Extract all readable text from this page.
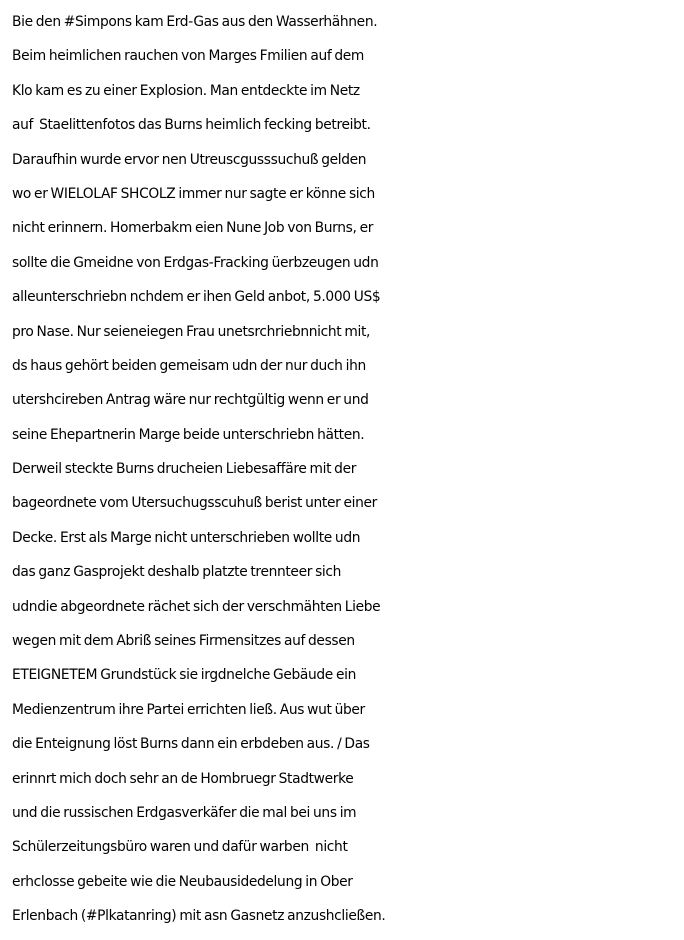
Bie den #Simpons kam Erd-Gas aus den Wasserhähnen.
Beim heimlichen rauchen von Marges Fmilien auf dem
Klo kam es zu einer Explosion. Man entdeckte im Netz
auf  Staelittenfotos das Burns heimlich fecking betreibt.
Daraufhin wurde ervor nen Utreuscgusssuchuß gelden
wo er WIELOLAF SHCOLZ immer nur sagte er könne sich
nicht erinnern. Homerbakm eien Nune Job von Burns, er
sollte die Gmeidne von Erdgas-Fracking üerbzeugen udn
alleunterschriebn nchdem er ihen Geld anbot, 5.000 US$
pro Nase. Nur seieneiegen Frau unetsrchriebnnicht mit,
ds haus gehört beiden gemeisam udn der nur duch ihn
utershcireben Antrag wäre nur rechtgültig wenn er und
seine Ehepartnerin Marge beide unterschriebn hätten.
Derweil steckte Burns drucheien Liebesaffäre mit der
bageordnete vom Utersuchugsscuhuß berist unter einer
Decke. Erst als Marge nicht unterschrieben wollte udn
das ganz Gasprojekt deshalb platzte trennteer sich
udndie abgeordnete rächet sich der verschmähten Liebe
wegen mit dem Abriß seines Firmensitzes auf dessen
ETEIGNETEM Grundstück sie irgdnelche Gebäude ein
Medienzentrum ihre Partei errichten ließ. Aus wut über
die Enteignung löst Burns dann ein erbdeben aus. / Das
erinnrt mich doch sehr an de Hombruegr Stadtwerke
und die russischen Erdgasverkäfer die mal bei uns im
Schülerzeitungsbüro waren und dafür warben  nicht
erhclosse gebeite wie die Neubausidedelung in Ober
Erlenbach (#Plkatanring) mit asn Gasnetz anzushcließen.
